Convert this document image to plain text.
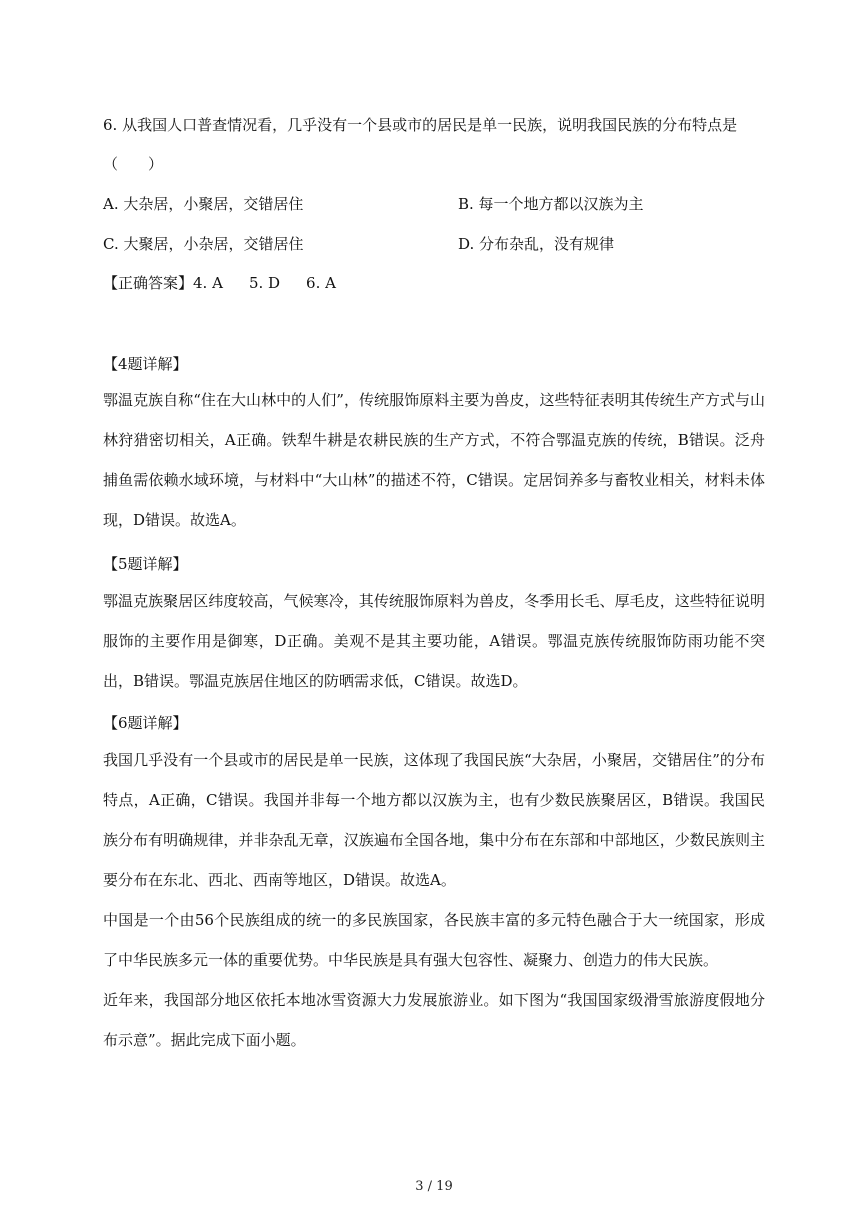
6. 从我国人口普查情况看，几乎没有一个县或市的居民是单一民族，说明我国民族的分布特点是
（　　）
A. 大杂居，小聚居，交错居住	B. 每一个地方都以汉族为主
C. 大聚居，小杂居，交错居住	D. 分布杂乱，没有规律
【正确答案】4. A 5. D 6. A
【4题详解】
鄂温克族自称“住在大山林中的人们”，传统服饰原料主要为兽皮，这些特征表明其传统生产方式与山林狩猎密切相关，A正确。铁犁牛耕是农耕民族的生产方式，不符合鄂温克族的传统，B错误。泛舟捕鱼需依赖水域环境，与材料中“大山林”的描述不符，C错误。定居饲养多与畜牧业相关，材料未体现，D错误。故选A。
【5题详解】
鄂温克族聚居区纬度较高，气候寒冷，其传统服饰原料为兽皮，冬季用长毛、厚毛皮，这些特征说明服饰的主要作用是御寒，D正确。美观不是其主要功能，A错误。鄂温克族传统服饰防雨功能不突出，B错误。鄂温克族居住地区的防晒需求低，C错误。故选D。
【6题详解】
我国几乎没有一个县或市的居民是单一民族，这体现了我国民族“大杂居，小聚居，交错居住”的分布特点，A正确，C错误。我国并非每一个地方都以汉族为主，也有少数民族聚居区，B错误。我国民族分布有明确规律，并非杂乱无章，汉族遍布全国各地，集中分布在东部和中部地区，少数民族则主要分布在东北、西北、西南等地区，D错误。故选A。
中国是一个由56个民族组成的统一的多民族国家，各民族丰富的多元特色融合于大一统国家，形成了中华民族多元一体的重要优势。中华民族是具有强大包容性、凝聚力、创造力的伟大民族。
近年来，我国部分地区依托本地冰雪资源大力发展旅游业。如下图为“我国国家级滑雪旅游度假地分布示意”。据此完成下面小题。
3 / 19
